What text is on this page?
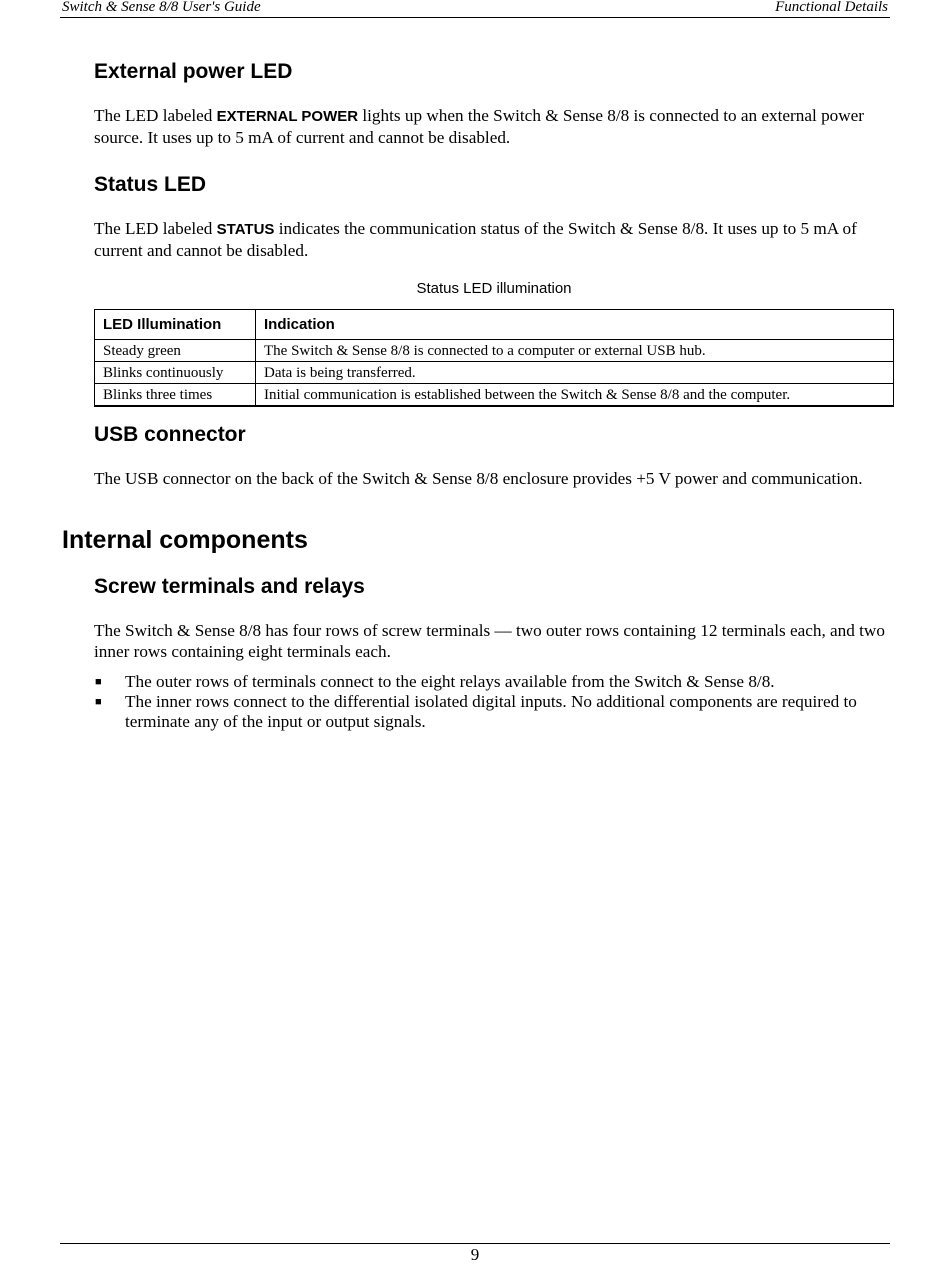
Switch & Sense 8/8 User's Guide	Functional Details
External power LED

The LED labeled EXTERNAL POWER lights up when the Switch & Sense 8/8 is connected to an external power source. It uses up to 5 mA of current and cannot be disabled.

Status LED

The LED labeled STATUS indicates the communication status of the Switch & Sense 8/8. It uses up to 5 mA of current and cannot be disabled.

Status LED illumination
LED Illumination	Indication
Steady green	The Switch & Sense 8/8 is connected to a computer or external USB hub.
Blinks continuously	Data is being transferred.
Blinks three times	Initial communication is established between the Switch & Sense 8/8 and the computer.
USB connector

The USB connector on the back of the Switch & Sense 8/8 enclosure provides +5 V power and communication.

Internal components
Screw terminals and relays

The Switch & Sense 8/8 has four rows of screw terminals — two outer rows containing 12 terminals each, and two inner rows containing eight terminals each.

■ The outer rows of terminals connect to the eight relays available from the Switch & Sense 8/8.
■ The inner rows connect to the differential isolated digital inputs. No additional components are required to terminate any of the input or output signals.
9
